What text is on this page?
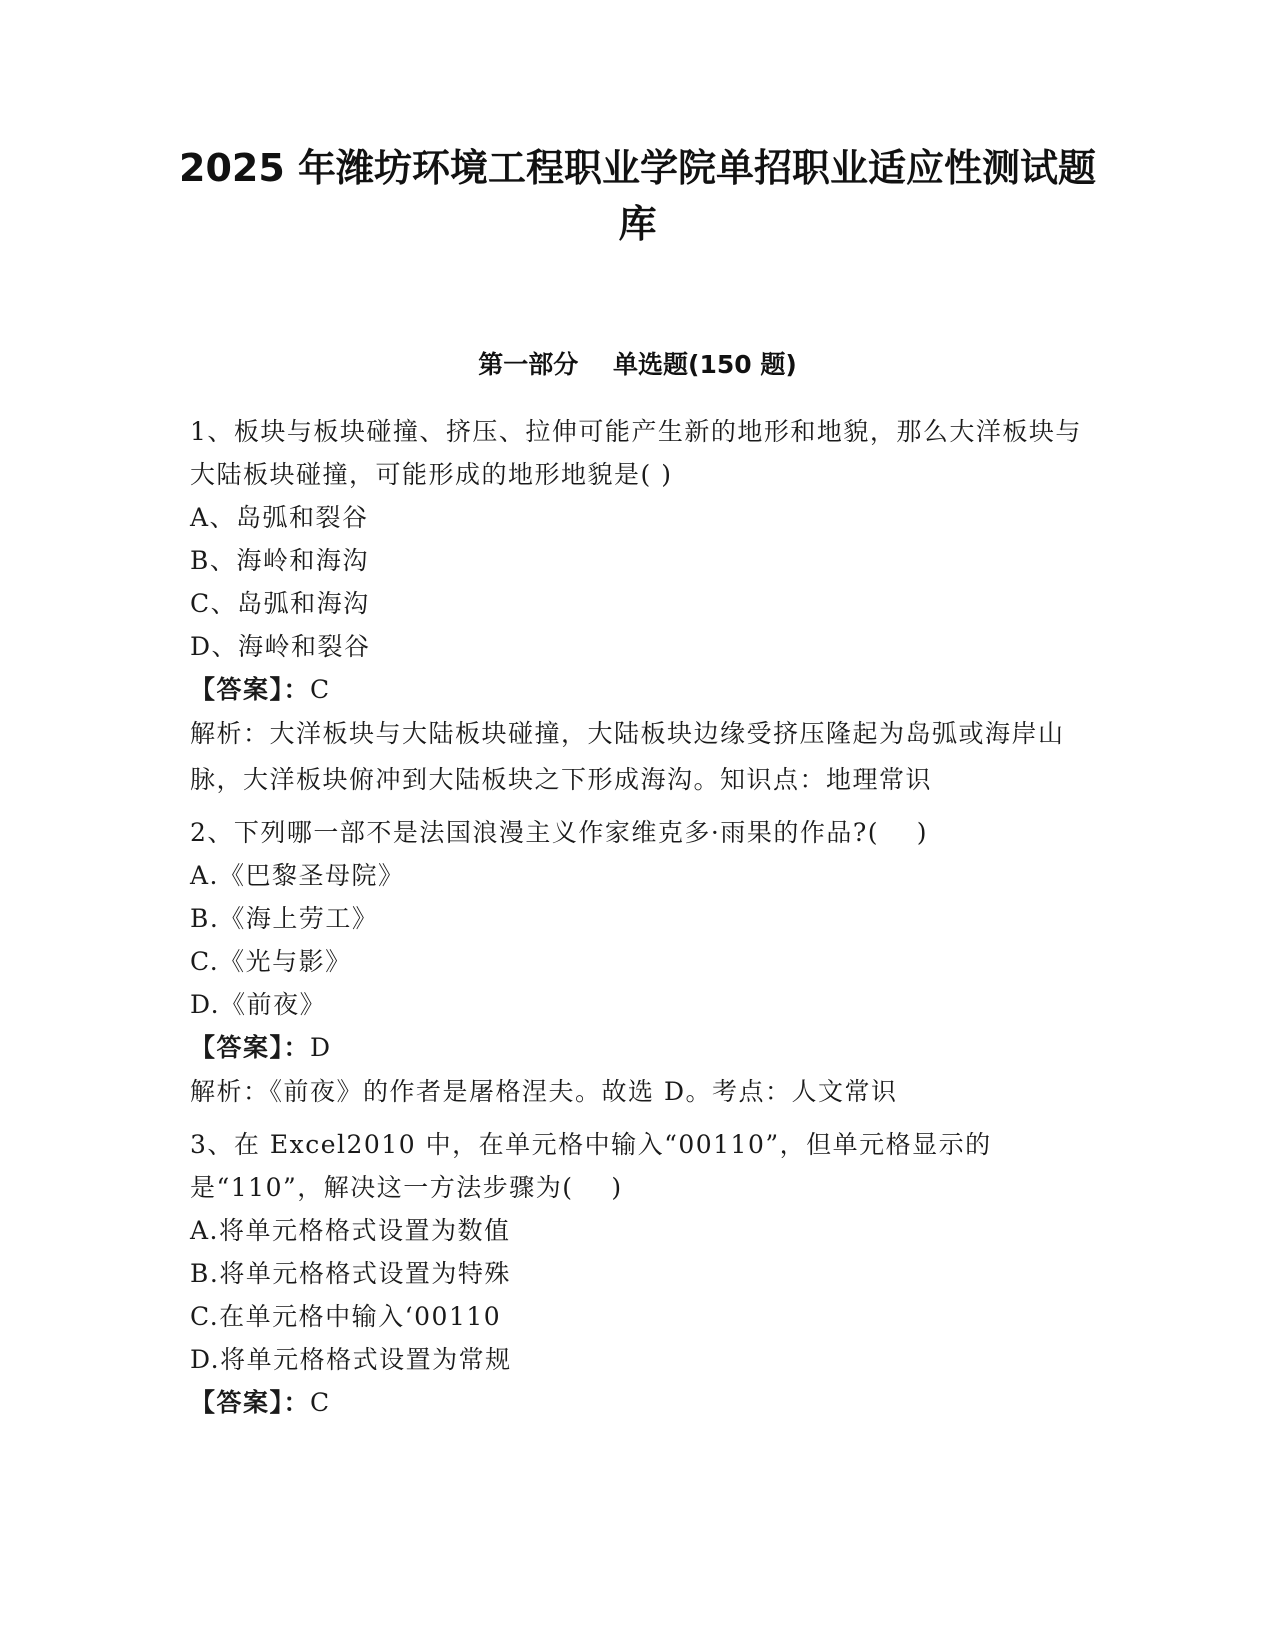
2025 年潍坊环境工程职业学院单招职业适应性测试题
库
第一部分    单选题(150 题)

1、板块与板块碰撞、挤压、拉伸可能产生新的地形和地貌，那么大洋板块与大陆板块碰撞，可能形成的地形地貌是( )

A、岛弧和裂谷

B、海岭和海沟

C、岛弧和海沟

D、海岭和裂谷

【答案】：C

解析：大洋板块与大陆板块碰撞，大陆板块边缘受挤压隆起为岛弧或海岸山脉，大洋板块俯冲到大陆板块之下形成海沟。知识点：地理常识

2、下列哪一部不是法国浪漫主义作家维克多·雨果的作品?(    )

A.《巴黎圣母院》

B.《海上劳工》

C.《光与影》

D.《前夜》

【答案】：D

解析：《前夜》的作者是屠格涅夫。故选 D。考点：人文常识

3、在 Excel2010 中，在单元格中输入“00110”，但单元格显示的是“110”，解决这一方法步骤为(    )

A.将单元格格式设置为数值

B.将单元格格式设置为特殊

C.在单元格中输入‘00110

D.将单元格格式设置为常规

【答案】：C
